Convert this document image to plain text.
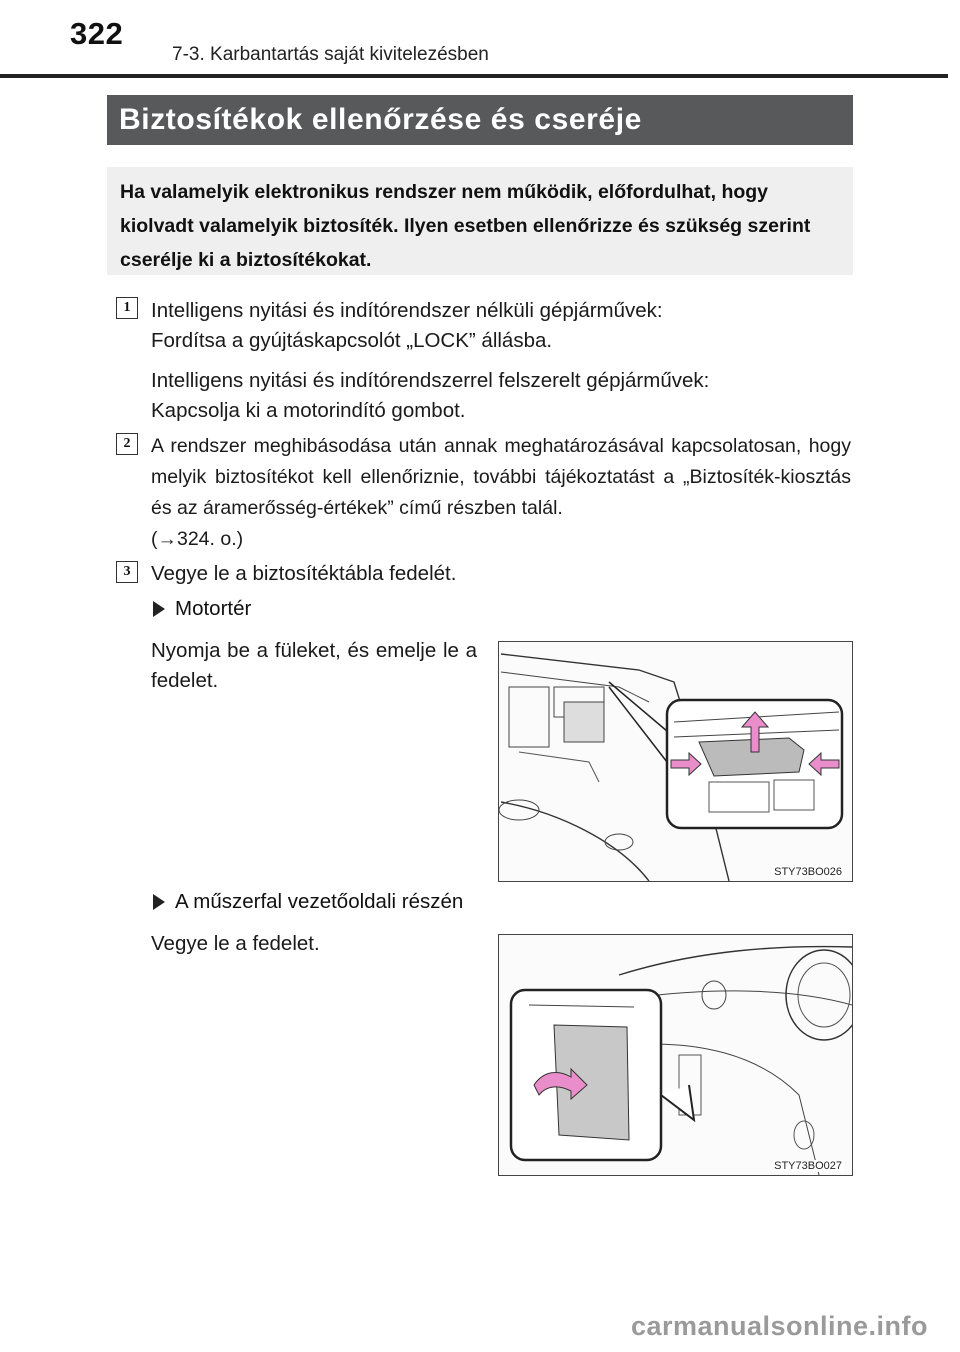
322
7-3. Karbantartás saját kivitelezésben
Biztosítékok ellenőrzése és cseréje
Ha valamelyik elektronikus rendszer nem működik, előfordulhat, hogy kiolvadt valamelyik biztosíték. Ilyen esetben ellenőrizze és szükség szerint cserélje ki a biztosítékokat.
1	Intelligens nyitási és indítórendszer nélküli gépjárművek:

Fordítsa a gyújtáskapcsolót „LOCK” állásba.

Intelligens nyitási és indítórendszerrel felszerelt gépjárművek:

Kapcsolja ki a motorindító gombot.

2	A rendszer meghibásodása után annak meghatározásával kapcsolatosan, hogy melyik biztosítékot kell ellenőriznie, további tájékoztatást a „Biztosíték-kiosztás és az áramerősség-értékek” című részben talál.

(→324. o.)

3	Vegye le a biztosítéktábla fedelét.
Motortér
Nyomja be a füleket, és emelje le a fedelet.
STY73BO026
A műszerfal vezetőoldali részén
Vegye le a fedelet.
STY73BO027
carmanualsonline.info
